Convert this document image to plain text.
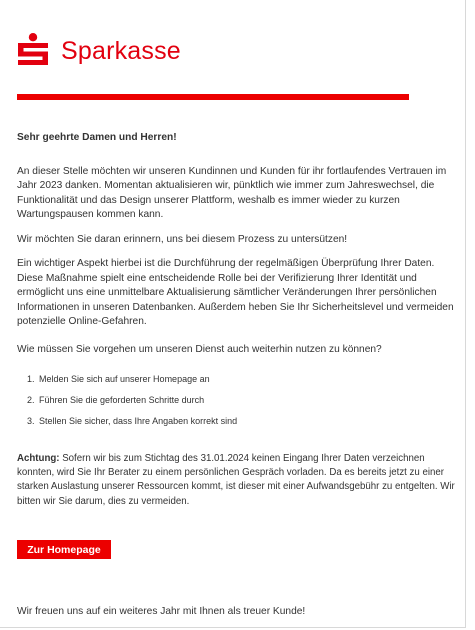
Sparkasse

Sehr geehrte Damen und Herren!

An dieser Stelle möchten wir unseren Kundinnen und Kunden für ihr fortlaufendes Vertrauen im Jahr 2023 danken. Momentan aktualisieren wir, pünktlich wie immer zum Jahreswechsel, die Funktionalität und das Design unserer Plattform, weshalb es immer wieder zu kurzen Wartungspausen kommen kann.

Wir möchten Sie daran erinnern, uns bei diesem Prozess zu untersützen!

Ein wichtiger Aspekt hierbei ist die Durchführung der regelmäßigen Überprüfung Ihrer Daten. Diese Maßnahme spielt eine entscheidende Rolle bei der Verifizierung Ihrer Identität und ermöglicht uns eine unmittelbare Aktualisierung sämtlicher Veränderungen Ihrer persönlichen Informationen in unseren Datenbanken. Außerdem heben Sie Ihr Sicherheitslevel und vermeiden potenzielle Online-Gefahren.

Wie müssen Sie vorgehen um unseren Dienst auch weiterhin nutzen zu können?

1. Melden Sie sich auf unserer Homepage an
2. Führen Sie die geforderten Schritte durch
3. Stellen Sie sicher, dass Ihre Angaben korrekt sind

Achtung: Sofern wir bis zum Stichtag des 31.01.2024 keinen Eingang Ihrer Daten verzeichnen konnten, wird Sie Ihr Berater zu einem persönlichen Gespräch vorladen. Da es bereits jetzt zu einer starken Auslastung unserer Ressourcen kommt, ist dieser mit einer Aufwandsgebühr zu entgelten. Wir bitten wir Sie darum, dies zu vermeiden.

Zur Homepage

Wir freuen uns auf ein weiteres Jahr mit Ihnen als treuer Kunde!
